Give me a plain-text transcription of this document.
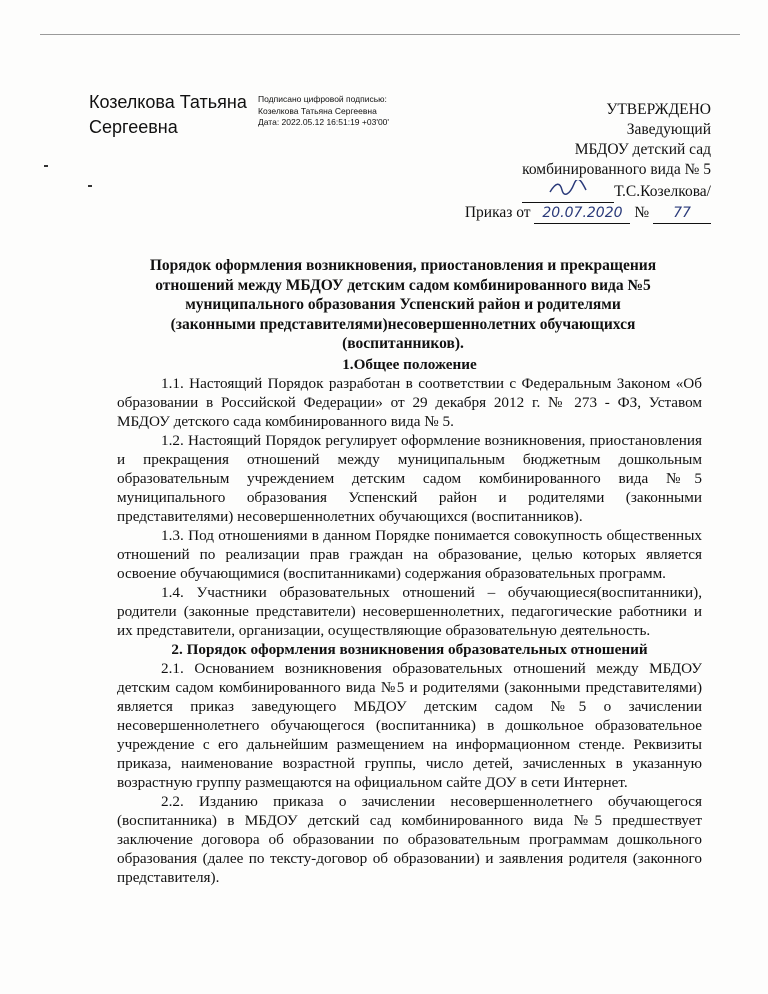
Козелкова Татьяна
Сергеевна
Подписано цифровой подписью:
Козелкова Татьяна Сергеевна
Дата: 2022.05.12 16:51:19 +03'00'
УТВЕРЖДЕНО
Заведующий
МБДОУ детский сад
комбинированного вида № 5
Т.С.Козелкова/
Приказ от 20.07.2020 № 77
Порядок оформления возникновения, приостановления и прекращения
отношений между МБДОУ детским садом комбинированного вида №5
муниципального образования Успенский район и родителями
(законными представителями)несовершеннолетних обучающихся
(воспитанников).

1.Общее положение

1.1. Настоящий Порядок разработан в соответствии с Федеральным Законом «Об образовании в Российской Федерации» от 29 декабря 2012 г. № 273 - ФЗ, Уставом МБДОУ детского сада комбинированного вида № 5.

1.2. Настоящий Порядок регулирует оформление возникновения, приостановления и прекращения отношений между муниципальным бюджетным дошкольным образовательным учреждением детским садом комбинированного вида №5 муниципального образования Успенский район и родителями (законными представителями) несовершеннолетних обучающихся (воспитанников).

1.3. Под отношениями в данном Порядке понимается совокупность общественных отношений по реализации прав граждан на образование, целью которых является освоение обучающимися (воспитанниками) содержания образовательных программ.

1.4. Участники образовательных отношений – обучающиеся(воспитанники), родители (законные представители) несовершеннолетних, педагогические работники и их представители, организации, осуществляющие образовательную деятельность.

2. Порядок оформления возникновения образовательных отношений

2.1. Основанием возникновения образовательных отношений между МБДОУ детским садом комбинированного вида №5 и родителями (законными представителями) является приказ заведующего МБДОУ детским садом №5 о зачислении несовершеннолетнего обучающегося (воспитанника) в дошкольное образовательное учреждение с его дальнейшим размещением на информационном стенде. Реквизиты приказа, наименование возрастной группы, число детей, зачисленных в указанную возрастную группу размещаются на официальном сайте ДОУ в сети Интернет.

2.2. Изданию приказа о зачислении несовершеннолетнего обучающегося (воспитанника) в МБДОУ детский сад комбинированного вида №5 предшествует заключение договора об образовании по образовательным программам дошкольного образования (далее по тексту-договор об образовании) и заявления родителя (законного представителя).
